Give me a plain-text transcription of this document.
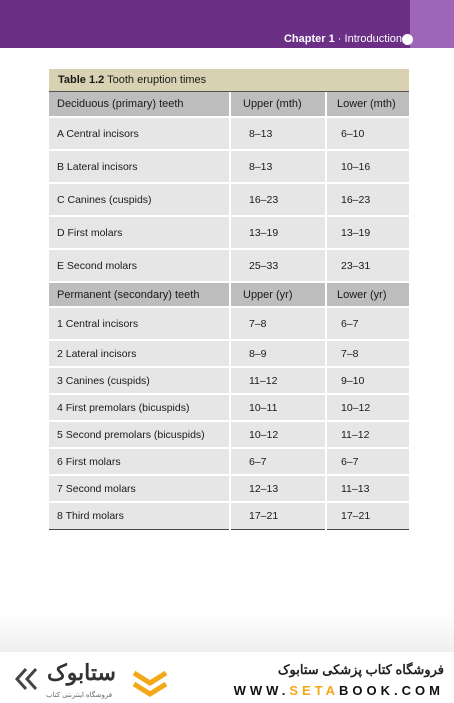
Chapter 1 · Introduction
Table 1.2 Tooth eruption times
Deciduous (primary) teeth	Upper (mth)	Lower (mth)
A Central incisors	8–13	6–10
B Lateral incisors	8–13	10–16
C Canines (cuspids)	16–23	16–23
D First molars	13–19	13–19
E Second molars	25–33	23–31
Permanent (secondary) teeth	Upper (yr)	Lower (yr)
1 Central incisors	7–8	6–7
2 Lateral incisors	8–9	7–8
3 Canines (cuspids)	11–12	9–10
4 First premolars (bicuspids)	10–11	10–12
5 Second premolars (bicuspids)	10–12	11–12
6 First molars	6–7	6–7
7 Second molars	12–13	11–13
8 Third molars	17–21	17–21
ستابوک
فروشگاه اینترنتی کتاب
فروشگاه کتاب پزشکی ستابوک
WWW.SETABOOK.COM
